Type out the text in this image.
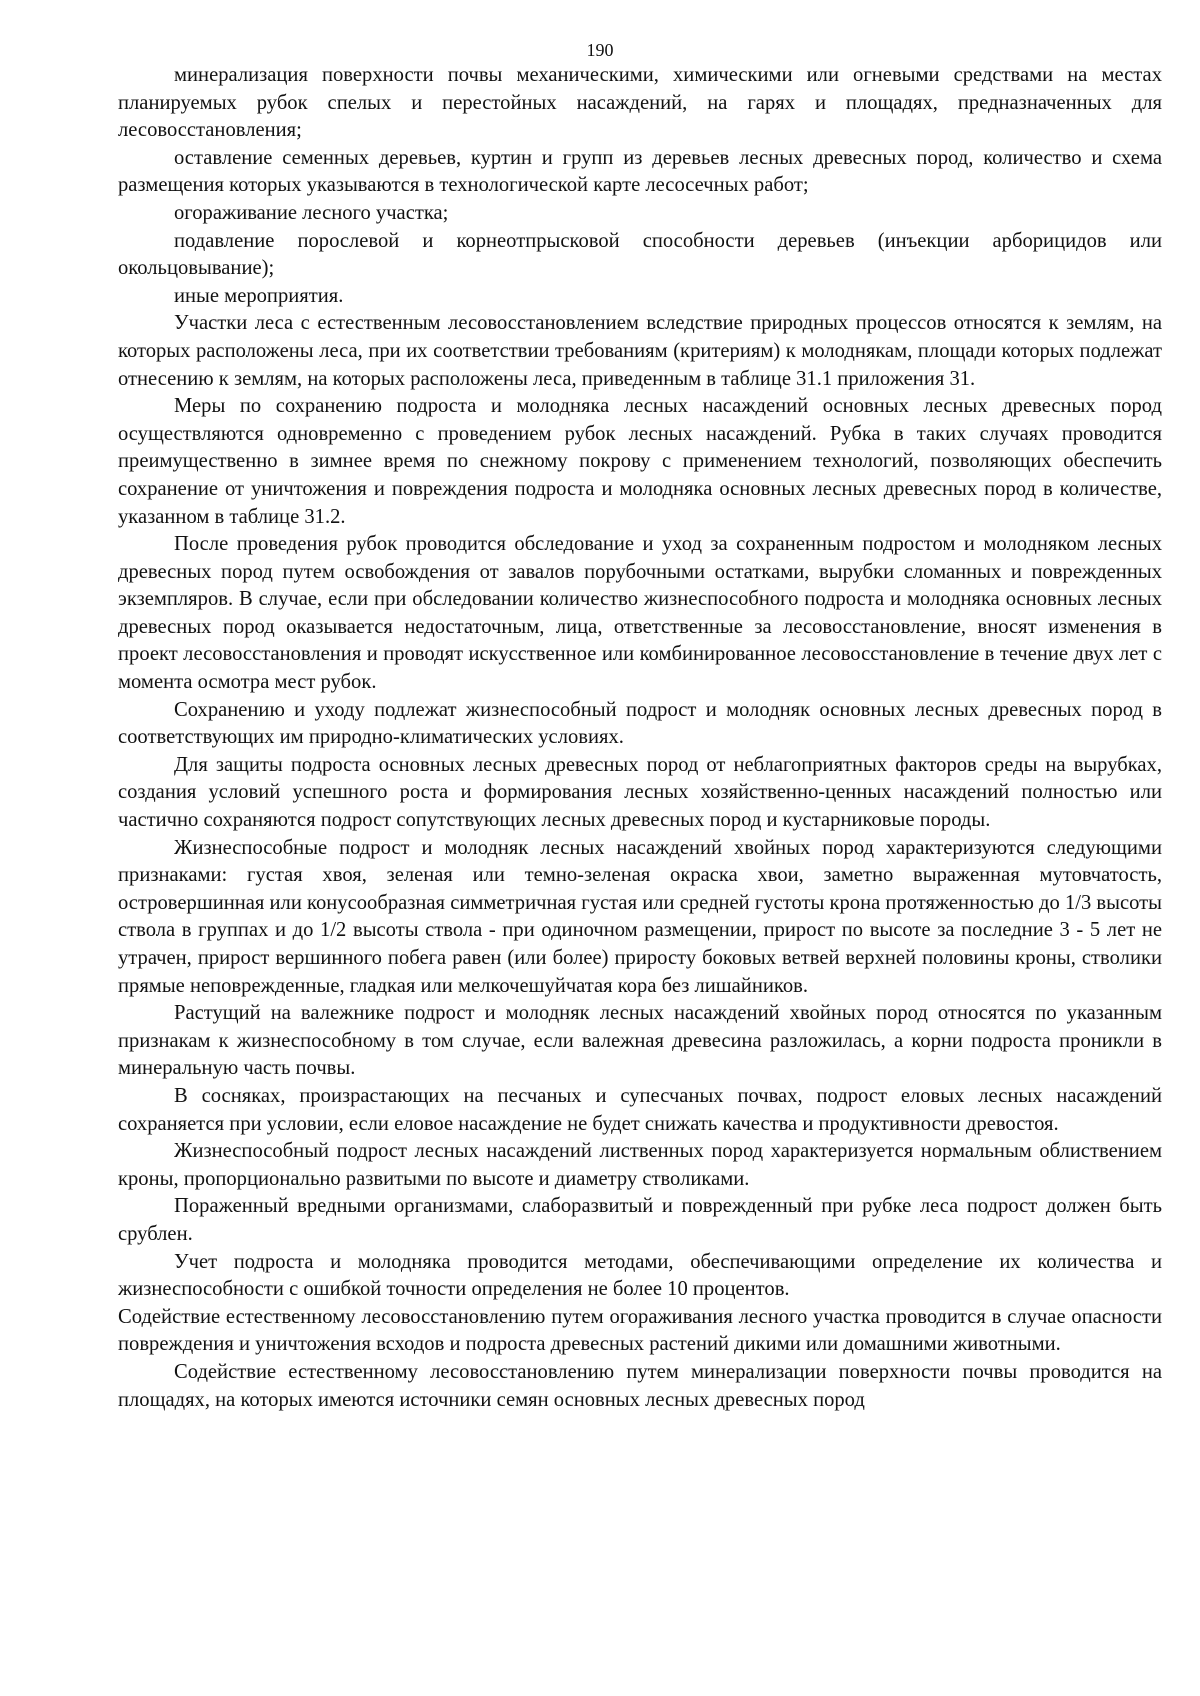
190

минерализация поверхности почвы механическими, химическими или огневыми средствами на местах планируемых рубок спелых и перестойных насаждений, на гарях и площадях, предназначенных для лесовосстановления;

оставление семенных деревьев, куртин и групп из деревьев лесных древесных пород, количество и схема размещения которых указываются в технологической карте лесосечных работ;

огораживание лесного участка;

подавление порослевой и корнеотпрысковой способности деревьев (инъекции арборицидов или окольцовывание);

иные мероприятия.

Участки леса с естественным лесовосстановлением вследствие природных процессов относятся к землям, на которых расположены леса, при их соответствии требованиям (критериям) к молоднякам, площади которых подлежат отнесению к землям, на которых расположены леса, приведенным в таблице 31.1 приложения 31.

Меры по сохранению подроста и молодняка лесных насаждений основных лесных древесных пород осуществляются одновременно с проведением рубок лесных насаждений. Рубка в таких случаях проводится преимущественно в зимнее время по снежному покрову с применением технологий, позволяющих обеспечить сохранение от уничтожения и повреждения подроста и молодняка основных лесных древесных пород в количестве, указанном в таблице 31.2.

После проведения рубок проводится обследование и уход за сохраненным подростом и молодняком лесных древесных пород путем освобождения от завалов порубочными остатками, вырубки сломанных и поврежденных экземпляров. В случае, если при обследовании количество жизнеспособного подроста и молодняка основных лесных древесных пород оказывается недостаточным, лица, ответственные за лесовосстановление, вносят изменения в проект лесовосстановления и проводят искусственное или комбинированное лесовосстановление в течение двух лет с момента осмотра мест рубок.

Сохранению и уходу подлежат жизнеспособный подрост и молодняк основных лесных древесных пород в соответствующих им природно-климатических условиях.

Для защиты подроста основных лесных древесных пород от неблагоприятных факторов среды на вырубках, создания условий успешного роста и формирования лесных хозяйственно-ценных насаждений полностью или частично сохраняются подрост сопутствующих лесных древесных пород и кустарниковые породы.

Жизнеспособные подрост и молодняк лесных насаждений хвойных пород характеризуются следующими признаками: густая хвоя, зеленая или темно-зеленая окраска хвои, заметно выраженная мутовчатость, островершинная или конусообразная симметричная густая или средней густоты крона протяженностью до 1/3 высоты ствола в группах и до 1/2 высоты ствола - при одиночном размещении, прирост по высоте за последние 3 - 5 лет не утрачен, прирост вершинного побега равен (или более) приросту боковых ветвей верхней половины кроны, стволики прямые неповрежденные, гладкая или мелкочешуйчатая кора без лишайников.

Растущий на валежнике подрост и молодняк лесных насаждений хвойных пород относятся по указанным признакам к жизнеспособному в том случае, если валежная древесина разложилась, а корни подроста проникли в минеральную часть почвы.

В сосняках, произрастающих на песчаных и супесчаных почвах, подрост еловых лесных насаждений сохраняется при условии, если еловое насаждение не будет снижать качества и продуктивности древостоя.

Жизнеспособный подрост лесных насаждений лиственных пород характеризуется нормальным облиствением кроны, пропорционально развитыми по высоте и диаметру стволиками.

Пораженный вредными организмами, слаборазвитый и поврежденный при рубке леса подрост должен быть срублен.

Учет подроста и молодняка проводится методами, обеспечивающими определение их количества и жизнеспособности с ошибкой точности определения не более 10 процентов.

Содействие естественному лесовосстановлению путем огораживания лесного участка проводится в случае опасности повреждения и уничтожения всходов и подроста древесных растений дикими или домашними животными.

Содействие естественному лесовосстановлению путем минерализации поверхности почвы проводится на площадях, на которых имеются источники семян основных лесных древесных пород
